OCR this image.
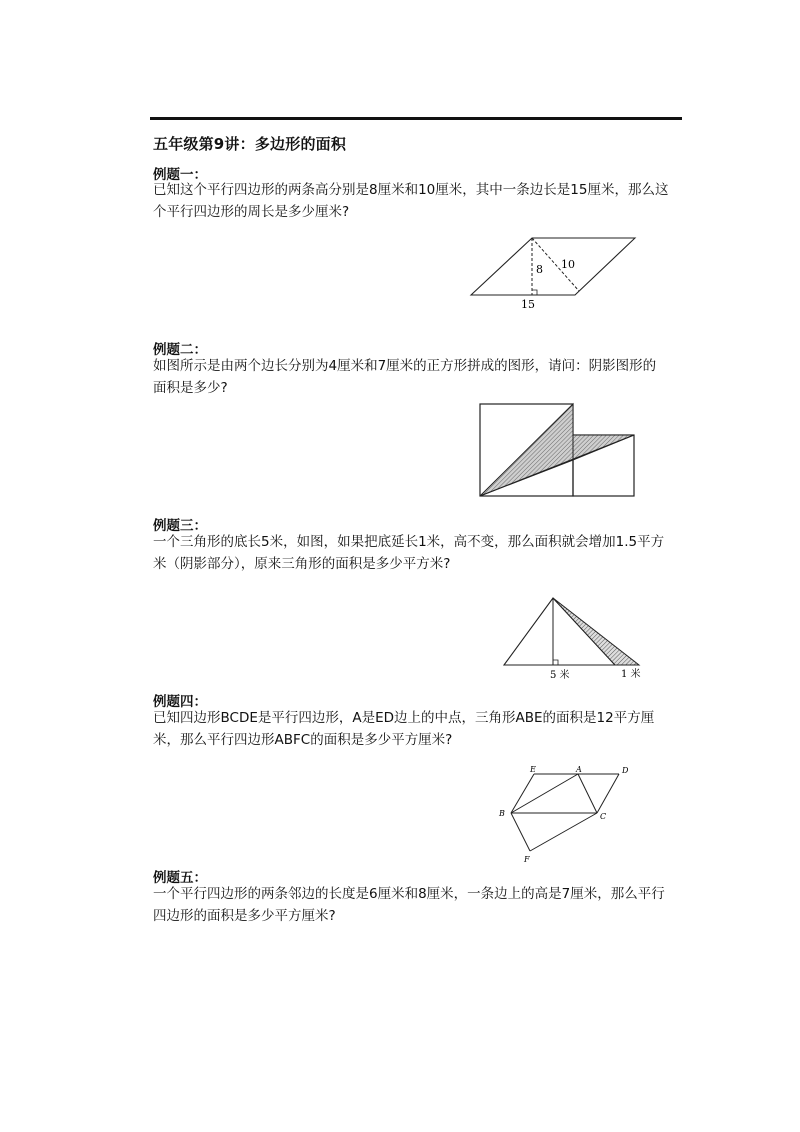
五年级第9讲：多边形的面积
例题一：
已知这个平行四边形的两条高分别是8厘米和10厘米，其中一条边长是15厘米，那么这
个平行四边形的周长是多少厘米?
8 10
15
例题二：
如图所示是由两个边长分别为4厘米和7厘米的正方形拼成的图形，请问：阴影图形的
面积是多少?
例题三：
一个三角形的底长5米，如图，如果把底延长1米，高不变，那么面积就会增加1.5平方
米（阴影部分），原来三角形的面积是多少平方米?
5 米	1 米
例题四：
已知四边形BCDE是平行四边形，A是ED边上的中点，三角形ABE的面积是12平方厘
米，那么平行四边形ABFC的面积是多少平方厘米?
E	A	D
B	C
F
例题五：
一个平行四边形的两条邻边的长度是6厘米和8厘米，一条边上的高是7厘米，那么平行
四边形的面积是多少平方厘米?
